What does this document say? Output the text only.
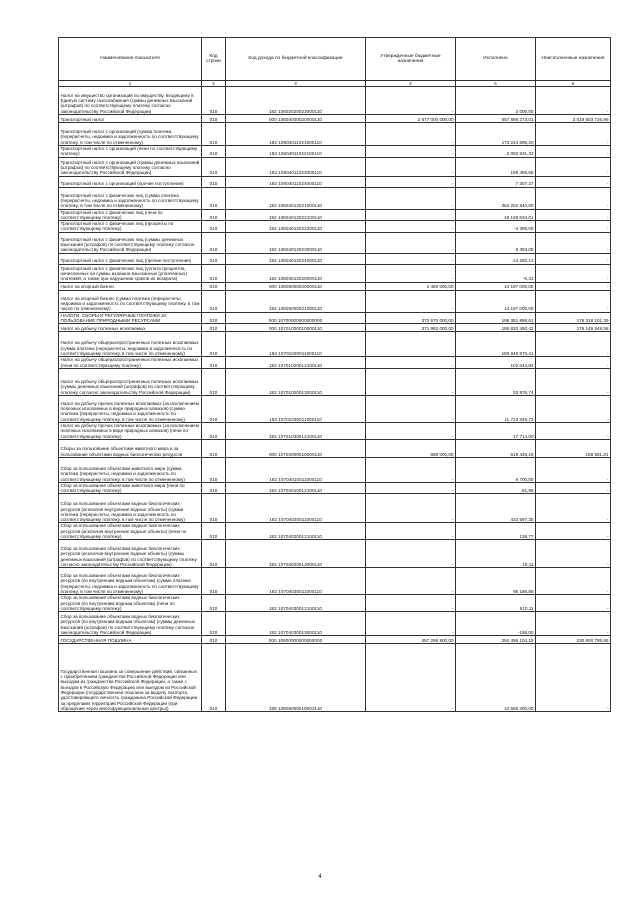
Наименование показателя	Код строки	Код дохода по бюджетной классификации	Утвержденные бюджетные назначения	Исполнено	Неисполненные назначения
1	2	3	4	5	6
Налог на имущество организаций по имуществу, входящему в Единую систему газоснабжения (суммы денежных взысканий (штрафов) по соответствующему платежу согласно законодательству Российской Федерации)	010	182 10602020023000110	-	2 000,00	-
Транспортный налог	010	000 10604000020000110	2 677 000 000,00	657 896 273,01	2 019 603 726,99
Транспортный налог с организаций (сумма платежа (перерасчеты, недоимка и задолженность по соответствующему платежу, в том числе по отмененному)	010	182 10604011021000110	-	173 244 895,20	-
Транспортный налог с организаций (пени по соответствующему платежу)	010	182 10604011022100110	-	2 092 531,33	-
Транспортный налог с организаций (суммы денежных взысканий (штрафов) по соответствующему платежу согласно законодательству Российской Федерации)	010	182 10604011023000110	-	169 459,55	-
Транспортный налог с организаций (прочие поступления)	010	182 10604011024000110	-	7 307,27	-
Транспортный налог с физических лиц (сумма платежа (перерасчеты, недоимка и задолженность по соответствующему платежу, в том числе по отмененному)	010	182 10604012021000110	-	364 202 840,00	-
Транспортный налог с физических лиц (пени по соответствующему платежу)	010	182 10604012022100110	-	18 128 834,01	-
Транспортный налог с физических лиц (проценты по соответствующему платежу)	010	182 10604012022200110	-	-4 389,00	-
Транспортный налог с физических лиц (суммы денежных взысканий (штрафов) по соответствующему платежу согласно законодательству Российской Федерации)	010	182 10604012023000110	-	8 393,00	-
Транспортный налог с физических лиц (прочие поступления)	010	182 10604012024000110	-	-14 282,13	-
Транспортный налог с физических лиц (уплата процентов, начисленных на суммы излишне взысканных (уплаченных) платежей, а также при нарушении сроков их возврата)	010	182 10604012025000110	-	-0,31	-
Налог на игорный бизнес	010	000 10605000020000110	2 450 000,00	14 197 000,00	-
Налог на игорный бизнес (сумма платежа (перерасчеты, недоимка и задолженность по соответствующему платежу, в том числе по отмененному)	010	182 10605000021000110	-	14 197 000,00	-
НАЛОГИ, СБОРЫ И РЕГУЛЯРНЫЕ ПЛАТЕЖИ ЗА ПОЛЬЗОВАНИЕ ПРИРОДНЫМИ РЕСУРСАМИ	010	000 10700000000000000	372 670 000,00	196 351 898,61	176 318 101,39
Налог на добычу полезных ископаемых	010	000 10701000010000110	371 982 000,00	185 832 450,42	176 149 549,58
Налог на добычу общераспространенных полезных ископаемых (сумма платежа (перерасчеты, недоимка и задолженность по соответствующему платежу, в том числе по отмененному)	010	182 10701020011000110	-	183 846 870,41	-
Налог на добычу общераспространенных полезных ископаемых (пени по соответствующему платежу)	010	182 10701020012100110	-	102 044,84	-
Налог на добычу общераспространенных полезных ископаемых (суммы денежных взысканий (штрафов) по соответствующему платежу согласно законодательству Российской Федерации)	010	182 10701020013000110	-	53 876,74	-
Налог на добычу прочих полезных ископаемых (за исключением полезных ископаемых в виде природных алмазов) (сумма платежа (перерасчеты, недоимка и задолженность по соответствующему платежу, в том числе по отмененному)	010	182 10701030011000110	-	11 723 349,73	-
Налог на добычу прочих полезных ископаемых (за исключением полезных ископаемых в виде природных алмазов) (пени по соответствующему платежу)	010	182 10701030012100110	-	17 714,00	-
Сборы за пользование объектами животного мира и за пользование объектами водных биологических ресурсов	010	000 10704000010000110	688 000,00	519 448,19	168 551,81
Сбор за пользование объектами животного мира (сумма платежа (перерасчеты, недоимка и задолженность по соответствующему платежу, в том числе по отмененному)	010	182 10704010011000110	-	6 700,00	-
Сбор за пользование объектами животного мира (пени по соответствующему платежу)	010	182 10704010012100110	-	-51,96	-
Сбор за пользование объектами водных биологических ресурсов (исключая внутренние водные объекты) (сумма платежа (перерасчеты, недоимка и задолженность по соответствующему платежу, в том числе по отмененному)	010	182 10704020011000110	-	433 597,30	-
Сбор за пользование объектами водных биологических ресурсов (исключая внутренние водные объекты) (пени по соответствующему платежу)	010	182 10704020012100110	-	136,77	-
Сбор за пользование объектами водных биологических ресурсов (исключая внутренние водные объекты) (суммы денежных взысканий (штрафов) по соответствующему платежу согласно законодательству Российской Федерации)	010	182 10704020013000110	-	15,11	-
Сбор за пользование объектами водных биологических ресурсов (по внутренним водным объектам) (сумма платежа (перерасчеты, недоимка и задолженность по соответствующему платежу, в том числе по отмененному)	010	182 10704030011000110	-	95 186,86	-
Сбор за пользование объектами водных биологических ресурсов (по внутренним водным объектам) (пени по соответствующему платежу)	010	182 10704030012100110	-	510,11	-
Сбор за пользование объектами водных биологических ресурсов (по внутренним водным объектам) (суммы денежных взысканий (штрафов) по соответствующему платежу согласно законодательству Российской Федерации)	010	182 10704030013000110	-	-166,00	-
ГОСУДАРСТВЕННАЯ ПОШЛИНА	010	000 10800000000000000	457 296 900,00	254 496 104,15	230 800 795,85
Государственная пошлина за совершение действий, связанных с приобретением гражданства Российской Федерации или выходом из гражданства Российской Федерации, а также с въездом в Российскую Федерацию или выездом из Российской Федерации (государственная пошлина за выдачу паспорта, удостоверяющего личность гражданина Российской Федерации за пределами территории Российской Федерации (при обращении через многофункциональные центры))	010	188 10806000018003110	-	12 565 300,00	-
4
